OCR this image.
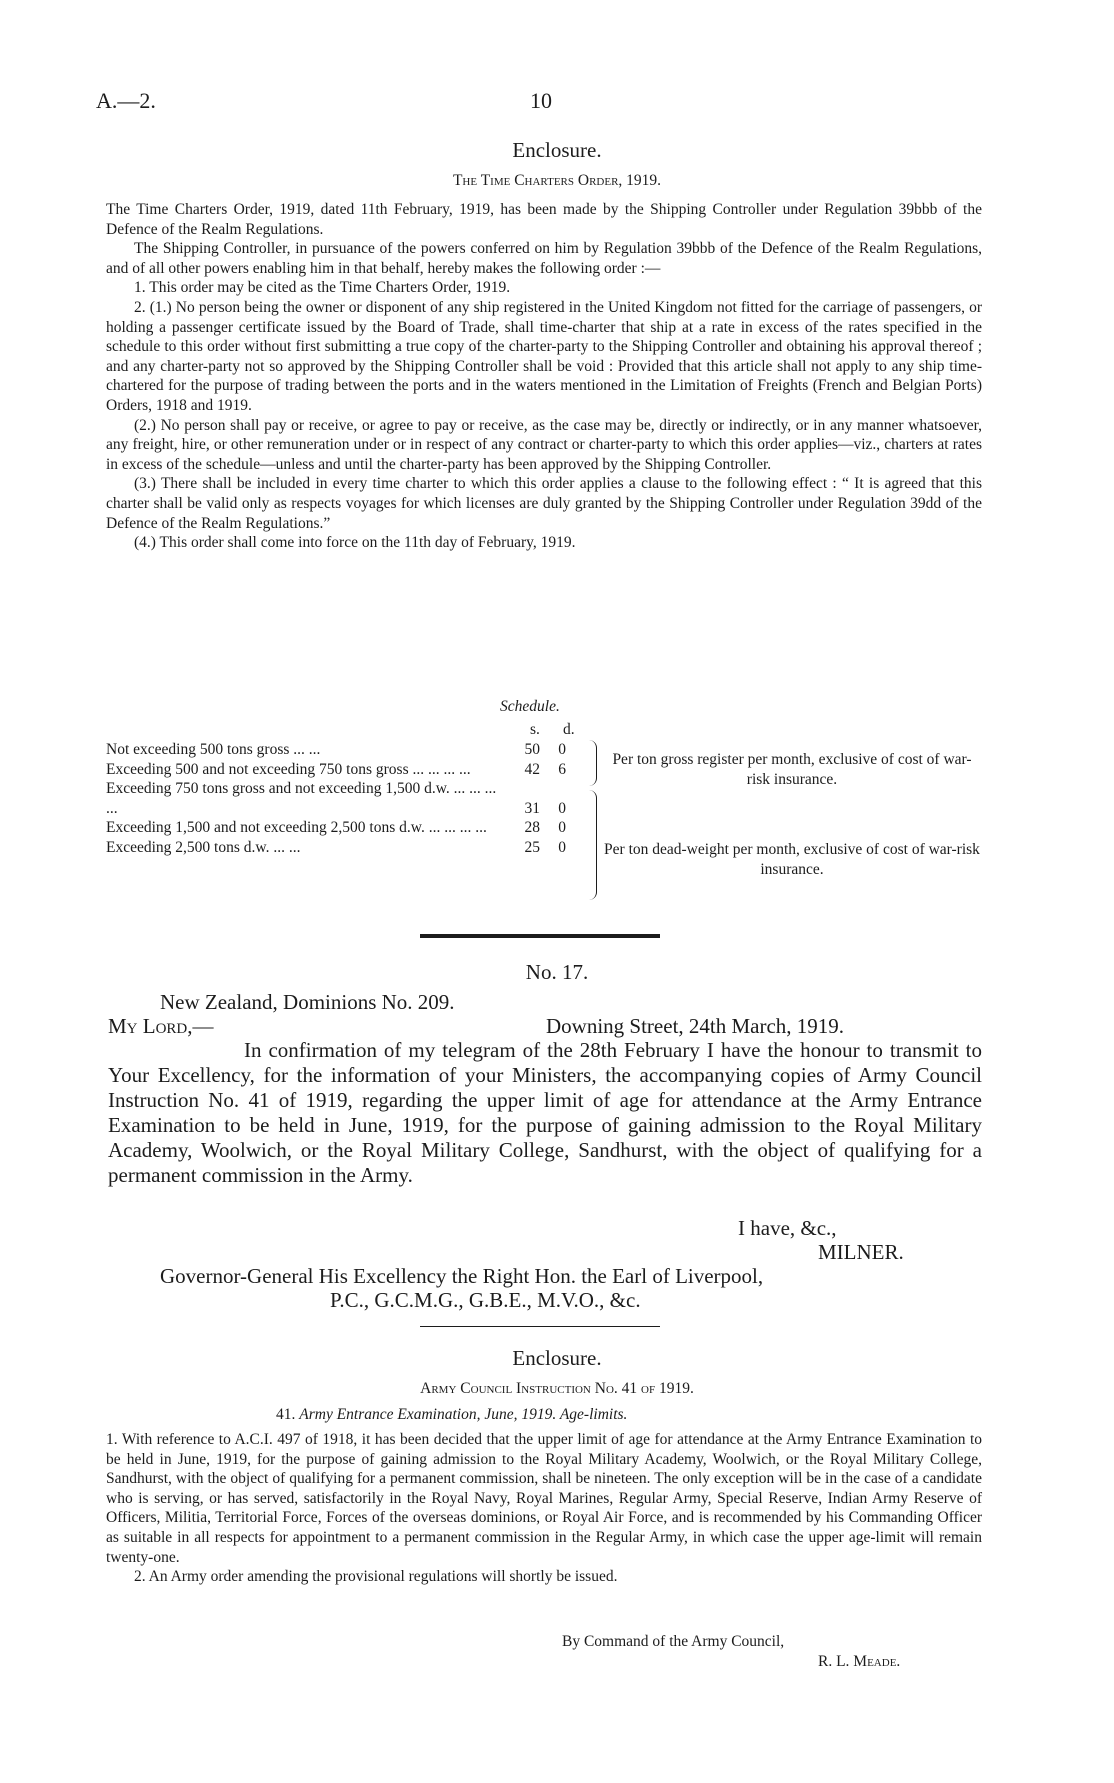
A.—2.	10
Enclosure.
The Time Charters Order, 1919.

The Time Charters Order, 1919, dated 11th February, 1919, has been made by the Shipping Controller under Regulation 39bbb of the Defence of the Realm Regulations.

The Shipping Controller, in pursuance of the powers conferred on him by Regulation 39bbb of the Defence of the Realm Regulations, and of all other powers enabling him in that behalf, hereby makes the following order :—

1. This order may be cited as the Time Charters Order, 1919.

2. (1.) No person being the owner or disponent of any ship registered in the United Kingdom not fitted for the carriage of passengers, or holding a passenger certificate issued by the Board of Trade, shall time-charter that ship at a rate in excess of the rates specified in the schedule to this order without first submitting a true copy of the charter-party to the Shipping Controller and obtaining his approval thereof ; and any charter-party not so approved by the Shipping Controller shall be void : Provided that this article shall not apply to any ship time-chartered for the purpose of trading between the ports and in the waters mentioned in the Limitation of Freights (French and Belgian Ports) Orders, 1918 and 1919.

(2.) No person shall pay or receive, or agree to pay or receive, as the case may be, directly or indirectly, or in any manner whatsoever, any freight, hire, or other remuneration under or in respect of any contract or charter-party to which this order applies—viz., charters at rates in excess of the schedule—unless and until the charter-party has been approved by the Shipping Controller.

(3.) There shall be included in every time charter to which this order applies a clause to the following effect : “ It is agreed that this charter shall be valid only as respects voyages for which licenses are duly granted by the Shipping Controller under Regulation 39dd of the Defence of the Realm Regulations.”

(4.) This order shall come into force on the 11th day of February, 1919.

Schedule.
s. d.
Not exceeding 500 tons gross ... ...	50	0
Exceeding 500 and not exceeding 750 tons gross ... ... ... ...	42	6
Exceeding 750 tons gross and not exceeding 1,500 d.w. ... ... ... ...	31	0
Exceeding 1,500 and not exceeding 2,500 tons d.w. ... ... ... ...	28	0
Exceeding 2,500 tons d.w. ... ...	25	0
Per ton gross register per month, exclusive of cost of war-risk insurance.
Per ton dead-weight per month, exclusive of cost of war-risk insurance.
No. 17.
New Zealand, Dominions No. 209.
My Lord,—	Downing Street, 24th March, 1919.
In confirmation of my telegram of the 28th February I have the honour to transmit to Your Excellency, for the information of your Ministers, the accompanying copies of Army Council Instruction No. 41 of 1919, regarding the upper limit of age for attendance at the Army Entrance Examination to be held in June, 1919, for the purpose of gaining admission to the Royal Military Academy, Woolwich, or the Royal Military College, Sandhurst, with the object of qualifying for a permanent commission in the Army.
I have, &c.,
MILNER.
Governor-General His Excellency the Right Hon. the Earl of Liverpool,
P.C., G.C.M.G., G.B.E., M.V.O., &c.
Enclosure.
Army Council Instruction No. 41 of 1919.
41. Army Entrance Examination, June, 1919. Age-limits.

1. With reference to A.C.I. 497 of 1918, it has been decided that the upper limit of age for attendance at the Army Entrance Examination to be held in June, 1919, for the purpose of gaining admission to the Royal Military Academy, Woolwich, or the Royal Military College, Sandhurst, with the object of qualifying for a permanent commission, shall be nineteen. The only exception will be in the case of a candidate who is serving, or has served, satisfactorily in the Royal Navy, Royal Marines, Regular Army, Special Reserve, Indian Army Reserve of Officers, Militia, Territorial Force, Forces of the overseas dominions, or Royal Air Force, and is recommended by his Commanding Officer as suitable in all respects for appointment to a permanent commission in the Regular Army, in which case the upper age-limit will remain twenty-one.

2. An Army order amending the provisional regulations will shortly be issued.

By Command of the Army Council,
R. L. Meade.
